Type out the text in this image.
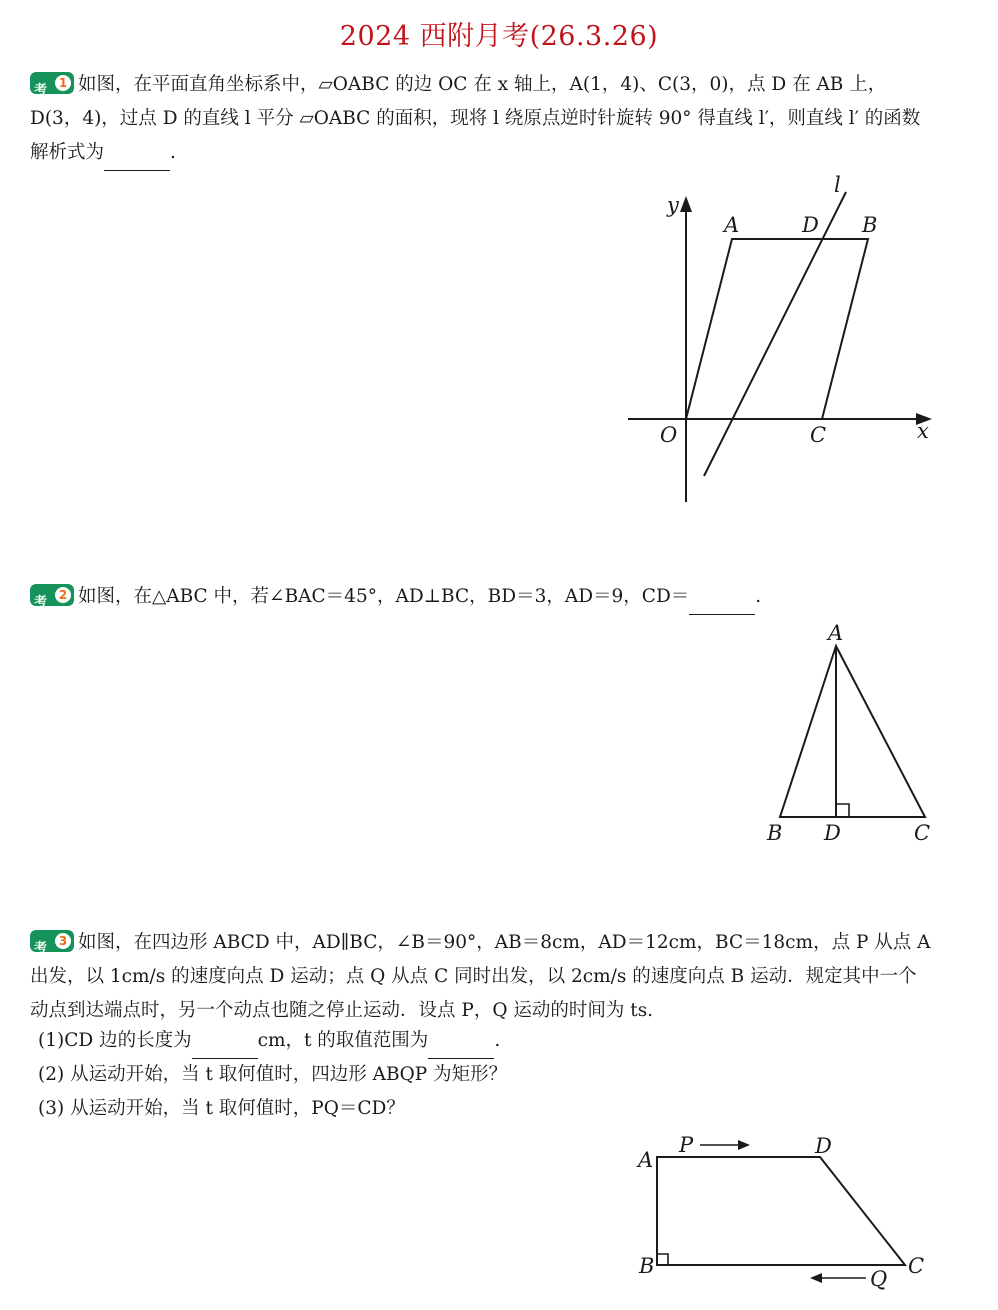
2024 西附月考(26.3.26)
考 1 如图，在平面直角坐标系中，▱OABC 的边 OC 在 x 轴上，A(1，4)、C(3，0)，点 D 在 AB 上，D(3，4)，过点 D 的直线 l 平分 ▱OABC 的面积，现将 l 绕原点逆时针旋转 90° 得直线 l′，则直线 l′ 的函数解析式为	.
y
x
O
A	D B
C
l
考 2 如图，在△ABC 中，若∠BAC＝45°，AD⊥BC，BD＝3，AD＝9，CD＝	.
A
B D	C
考 3 如图，在四边形 ABCD 中，AD∥BC，∠B＝90°，AB＝8cm，AD＝12cm，BC＝18cm，点 P 从点 A 出发，以 1cm/s 的速度向点 D 运动；点 Q 从点 C 同时出发，以 2cm/s 的速度向点 B 运动．规定其中一个动点到达端点时，另一个动点也随之停止运动．设点 P，Q 运动的时间为 ts.
(1)CD 边的长度为	cm，t 的取值范围为	.
(2) 从运动开始，当 t 取何值时，四边形 ABQP 为矩形？
(3) 从运动开始，当 t 取何值时，PQ＝CD？
A
P	D
B	C
Q
